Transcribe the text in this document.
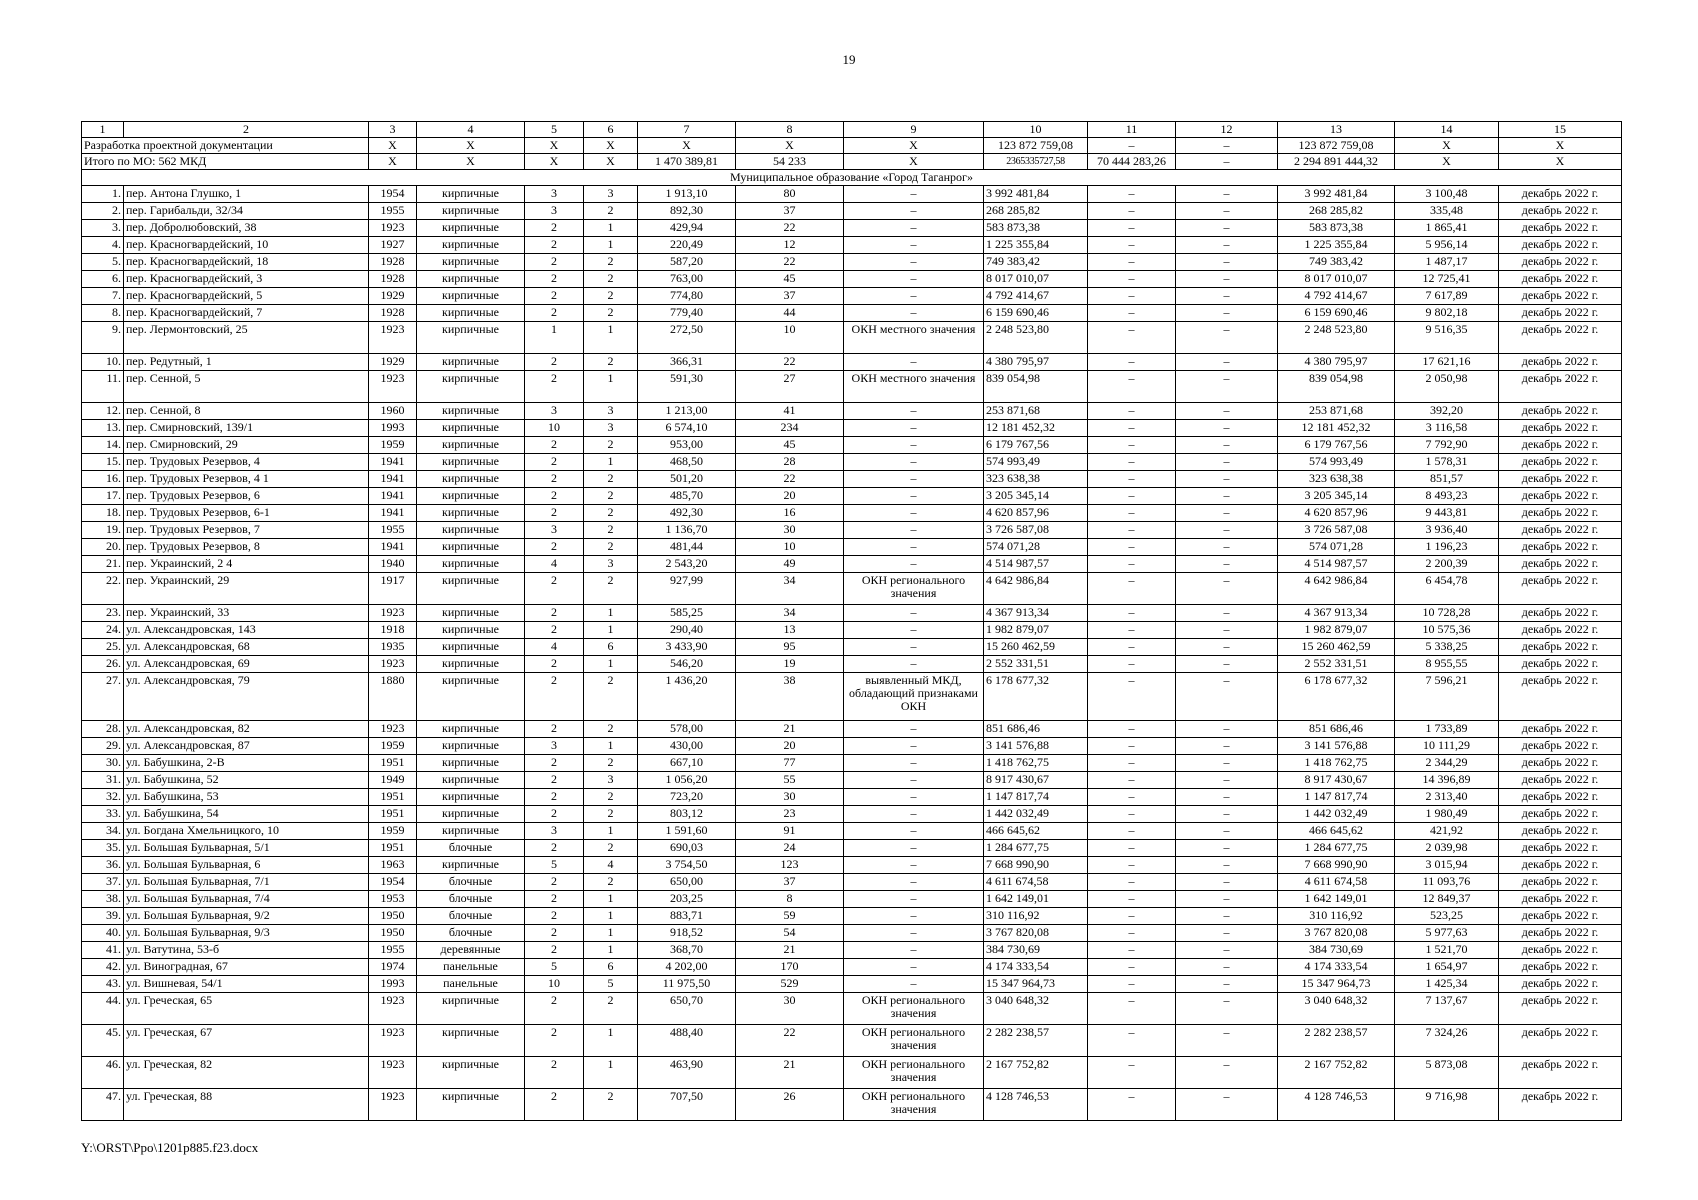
19
1	2	3	4	5	6	7	8	9	10	11	12	13	14	15
Разработка проектной документации		X	X	X	X	X	X	X	123 872 759,08	–	–	123 872 759,08	X	X
Итого по МО: 562 МКД		X	X	X	X	1 470 389,81	54 233	X	2365335727,58	70 444 283,26	–	2 294 891 444,32	X	X
Муниципальное образование «Город Таганрог»														
1.	пер. Антона Глушко, 1	1954	кирпичные	3	3	1 913,10	80	–	3 992 481,84	–	–	3 992 481,84	3 100,48	декабрь 2022 г.
2.	пер. Гарибальди, 32/34	1955	кирпичные	3	2	892,30	37	–	268 285,82	–	–	268 285,82	335,48	декабрь 2022 г.
3.	пер. Добролюбовский, 38	1923	кирпичные	2	1	429,94	22	–	583 873,38	–	–	583 873,38	1 865,41	декабрь 2022 г.
4.	пер. Красногвардейский, 10	1927	кирпичные	2	1	220,49	12	–	1 225 355,84	–	–	1 225 355,84	5 956,14	декабрь 2022 г.
5.	пер. Красногвардейский, 18	1928	кирпичные	2	2	587,20	22	–	749 383,42	–	–	749 383,42	1 487,17	декабрь 2022 г.
6.	пер. Красногвардейский, 3	1928	кирпичные	2	2	763,00	45	–	8 017 010,07	–	–	8 017 010,07	12 725,41	декабрь 2022 г.
7.	пер. Красногвардейский, 5	1929	кирпичные	2	2	774,80	37	–	4 792 414,67	–	–	4 792 414,67	7 617,89	декабрь 2022 г.
8.	пер. Красногвардейский, 7	1928	кирпичные	2	2	779,40	44	–	6 159 690,46	–	–	6 159 690,46	9 802,18	декабрь 2022 г.
9.	пер. Лермонтовский, 25	1923	кирпичные	1	1	272,50	10	ОКН местного значения	2 248 523,80	–	–	2 248 523,80	9 516,35	декабрь 2022 г.
10.	пер. Редутный, 1	1929	кирпичные	2	2	366,31	22	–	4 380 795,97	–	–	4 380 795,97	17 621,16	декабрь 2022 г.
11.	пер. Сенной, 5	1923	кирпичные	2	1	591,30	27	ОКН местного значения	839 054,98	–	–	839 054,98	2 050,98	декабрь 2022 г.
12.	пер. Сенной, 8	1960	кирпичные	3	3	1 213,00	41	–	253 871,68	–	–	253 871,68	392,20	декабрь 2022 г.
13.	пер. Смирновский, 139/1	1993	кирпичные	10	3	6 574,10	234	–	12 181 452,32	–	–	12 181 452,32	3 116,58	декабрь 2022 г.
14.	пер. Смирновский, 29	1959	кирпичные	2	2	953,00	45	–	6 179 767,56	–	–	6 179 767,56	7 792,90	декабрь 2022 г.
15.	пер. Трудовых Резервов, 4	1941	кирпичные	2	1	468,50	28	–	574 993,49	–	–	574 993,49	1 578,31	декабрь 2022 г.
16.	пер. Трудовых Резервов, 4 1	1941	кирпичные	2	2	501,20	22	–	323 638,38	–	–	323 638,38	851,57	декабрь 2022 г.
17.	пер. Трудовых Резервов, 6	1941	кирпичные	2	2	485,70	20	–	3 205 345,14	–	–	3 205 345,14	8 493,23	декабрь 2022 г.
18.	пер. Трудовых Резервов, 6-1	1941	кирпичные	2	2	492,30	16	–	4 620 857,96	–	–	4 620 857,96	9 443,81	декабрь 2022 г.
19.	пер. Трудовых Резервов, 7	1955	кирпичные	3	2	1 136,70	30	–	3 726 587,08	–	–	3 726 587,08	3 936,40	декабрь 2022 г.
20.	пер. Трудовых Резервов, 8	1941	кирпичные	2	2	481,44	10	–	574 071,28	–	–	574 071,28	1 196,23	декабрь 2022 г.
21.	пер. Украинский, 2 4	1940	кирпичные	4	3	2 543,20	49	–	4 514 987,57	–	–	4 514 987,57	2 200,39	декабрь 2022 г.
22.	пер. Украинский, 29	1917	кирпичные	2	2	927,99	34	ОКН регионального значения	4 642 986,84	–	–	4 642 986,84	6 454,78	декабрь 2022 г.
23.	пер. Украинский, 33	1923	кирпичные	2	1	585,25	34	–	4 367 913,34	–	–	4 367 913,34	10 728,28	декабрь 2022 г.
24.	ул. Александровская, 143	1918	кирпичные	2	1	290,40	13	–	1 982 879,07	–	–	1 982 879,07	10 575,36	декабрь 2022 г.
25.	ул. Александровская, 68	1935	кирпичные	4	6	3 433,90	95	–	15 260 462,59	–	–	15 260 462,59	5 338,25	декабрь 2022 г.
26.	ул. Александровская, 69	1923	кирпичные	2	1	546,20	19	–	2 552 331,51	–	–	2 552 331,51	8 955,55	декабрь 2022 г.
27.	ул. Александровская, 79	1880	кирпичные	2	2	1 436,20	38	выявленный МКД, обладающий признаками ОКН	6 178 677,32	–	–	6 178 677,32	7 596,21	декабрь 2022 г.
28.	ул. Александровская, 82	1923	кирпичные	2	2	578,00	21	–	851 686,46	–	–	851 686,46	1 733,89	декабрь 2022 г.
29.	ул. Александровская, 87	1959	кирпичные	3	1	430,00	20	–	3 141 576,88	–	–	3 141 576,88	10 111,29	декабрь 2022 г.
30.	ул. Бабушкина, 2-В	1951	кирпичные	2	2	667,10	77	–	1 418 762,75	–	–	1 418 762,75	2 344,29	декабрь 2022 г.
31.	ул. Бабушкина, 52	1949	кирпичные	2	3	1 056,20	55	–	8 917 430,67	–	–	8 917 430,67	14 396,89	декабрь 2022 г.
32.	ул. Бабушкина, 53	1951	кирпичные	2	2	723,20	30	–	1 147 817,74	–	–	1 147 817,74	2 313,40	декабрь 2022 г.
33.	ул. Бабушкина, 54	1951	кирпичные	2	2	803,12	23	–	1 442 032,49	–	–	1 442 032,49	1 980,49	декабрь 2022 г.
34.	ул. Богдана Хмельницкого, 10	1959	кирпичные	3	1	1 591,60	91	–	466 645,62	–	–	466 645,62	421,92	декабрь 2022 г.
35.	ул. Большая Бульварная, 5/1	1951	блочные	2	2	690,03	24	–	1 284 677,75	–	–	1 284 677,75	2 039,98	декабрь 2022 г.
36.	ул. Большая Бульварная, 6	1963	кирпичные	5	4	3 754,50	123	–	7 668 990,90	–	–	7 668 990,90	3 015,94	декабрь 2022 г.
37.	ул. Большая Бульварная, 7/1	1954	блочные	2	2	650,00	37	–	4 611 674,58	–	–	4 611 674,58	11 093,76	декабрь 2022 г.
38.	ул. Большая Бульварная, 7/4	1953	блочные	2	1	203,25	8	–	1 642 149,01	–	–	1 642 149,01	12 849,37	декабрь 2022 г.
39.	ул. Большая Бульварная, 9/2	1950	блочные	2	1	883,71	59	–	310 116,92	–	–	310 116,92	523,25	декабрь 2022 г.
40.	ул. Большая Бульварная, 9/3	1950	блочные	2	1	918,52	54	–	3 767 820,08	–	–	3 767 820,08	5 977,63	декабрь 2022 г.
41.	ул. Ватутина, 53-б	1955	деревянные	2	1	368,70	21	–	384 730,69	–	–	384 730,69	1 521,70	декабрь 2022 г.
42.	ул. Виноградная, 67	1974	панельные	5	6	4 202,00	170	–	4 174 333,54	–	–	4 174 333,54	1 654,97	декабрь 2022 г.
43.	ул. Вишневая, 54/1	1993	панельные	10	5	11 975,50	529	–	15 347 964,73	–	–	15 347 964,73	1 425,34	декабрь 2022 г.
44.	ул. Греческая, 65	1923	кирпичные	2	2	650,70	30	ОКН регионального значения	3 040 648,32	–	–	3 040 648,32	7 137,67	декабрь 2022 г.
45.	ул. Греческая, 67	1923	кирпичные	2	1	488,40	22	ОКН регионального значения	2 282 238,57	–	–	2 282 238,57	7 324,26	декабрь 2022 г.
46.	ул. Греческая, 82	1923	кирпичные	2	1	463,90	21	ОКН регионального значения	2 167 752,82	–	–	2 167 752,82	5 873,08	декабрь 2022 г.
47.	ул. Греческая, 88	1923	кирпичные	2	2	707,50	26	ОКН регионального значения	4 128 746,53	–	–	4 128 746,53	9 716,98	декабрь 2022 г.
Y:\ORST\Ppo\1201p885.f23.docx
